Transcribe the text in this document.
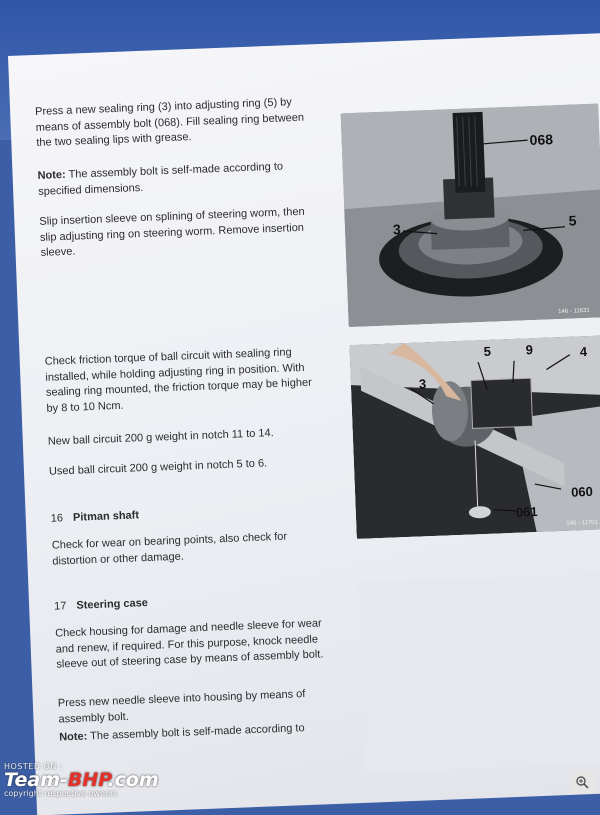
Press a new sealing ring (3) into adjusting ring (5) by means of assembly bolt (068). Fill sealing ring between the two sealing lips with grease.
Note: The assembly bolt is self-made according to specified dimensions.
Slip insertion sleeve on splining of steering worm, then slip adjusting ring on steering worm. Remove insertion sleeve.
068
3
5
146 - 11631
Check friction torque of ball circuit with sealing ring installed, while holding adjusting ring in position. With sealing ring mounted, the friction torque may be higher by 8 to 10 Ncm.
New ball circuit 200 g weight in notch 11 to 14.
Used ball circuit 200 g weight in notch 5 to 6.
5	9	4
3
060
061
146 - 11701
16 Pitman shaft
Check for wear on bearing points, also check for distortion or other damage.
17 Steering case
Check housing for damage and needle sleeve for wear and renew, if required. For this purpose, knock needle sleeve out of steering case by means of assembly bolt.
Press new needle sleeve into housing by means of assembly bolt.
Note: The assembly bolt is self-made according to
HOSTED ON :
Team-BHP.com
copyright respective owners
